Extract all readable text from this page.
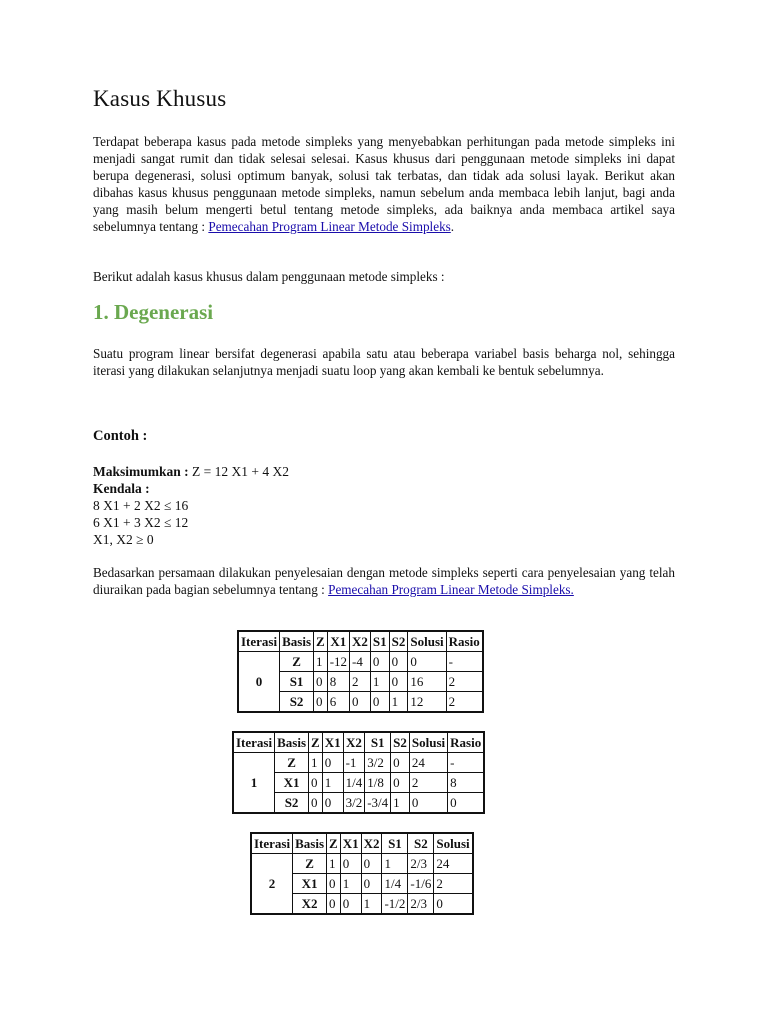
Kasus Khusus

Terdapat beberapa kasus pada metode simpleks yang menyebabkan perhitungan pada metode simpleks ini menjadi sangat rumit dan tidak selesai selesai. Kasus khusus dari penggunaan metode simpleks ini dapat berupa degenerasi, solusi optimum banyak, solusi tak terbatas, dan tidak ada solusi layak. Berikut akan dibahas kasus khusus penggunaan metode simpleks, namun sebelum anda membaca lebih lanjut, bagi anda yang masih belum mengerti betul tentang metode simpleks, ada baiknya anda membaca artikel saya sebelumnya tentang : Pemecahan Program Linear Metode Simpleks.

Berikut adalah kasus khusus dalam penggunaan metode simpleks :

1. Degenerasi

Suatu program linear bersifat degenerasi apabila satu atau beberapa variabel basis beharga nol, sehingga iterasi yang dilakukan selanjutnya menjadi suatu loop yang akan kembali ke bentuk sebelumnya.

Contoh :
Maksimumkan : Z = 12 X1 + 4 X2
Kendala :
8 X1 + 2 X2 ≤ 16
6 X1 + 3 X2 ≤ 12
X1, X2 ≥ 0

Bedasarkan persamaan dilakukan penyelesaian dengan metode simpleks seperti cara penyelesaian yang telah diuraikan pada bagian sebelumnya tentang : Pemecahan Program Linear Metode Simpleks.

Iterasi	Basis	Z	X1	X2	S1	S2	Solusi	Rasio
0	Z	1	-12	-4	0	0	0	-
	S1	0	8	2	1	0	16	2
	S2	0	6	0	0	1	12	2
Iterasi	Basis	Z	X1	X2	S1	S2	Solusi	Rasio
1	Z	1	0	-1	3/2	0	24	-
	X1	0	1	1/4	1/8	0	2	8
	S2	0	0	3/2	-3/4	1	0	0
Iterasi	Basis	Z	X1	X2	S1	S2	Solusi
2	Z	1	0	0	1	2/3	24
	X1	0	1	0	1/4	-1/6	2
	X2	0	0	1	-1/2	2/3	0
